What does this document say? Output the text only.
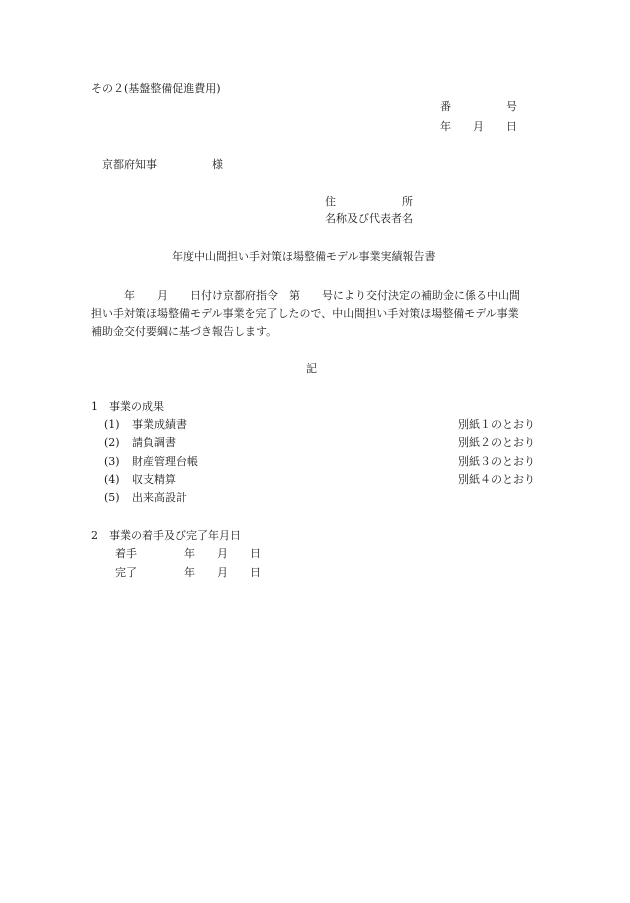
その２(基盤整備促進費用)
番　　　　　号
年　　月　　日
京都府知事　　　　　様
住　　　　　　所
名称及び代表者名
年度中山間担い手対策ほ場整備モデル事業実績報告書
　　　年　　月　　日付け京都府指令　第　　号により交付決定の補助金に係る中山間
担い手対策ほ場整備モデル事業を完了したので、中山間担い手対策ほ場整備モデル事業
補助金交付要綱に基づき報告します。
記
1　事業の成果
(1) 事業成績書	別紙１のとおり
(2) 請負調書	別紙２のとおり
(3) 財産管理台帳	別紙３のとおり
(4) 収支精算	別紙４のとおり
(5) 出来高設計
2　事業の着手及び完了年月日
着手	年　　月　　日
完了	年　　月　　日
